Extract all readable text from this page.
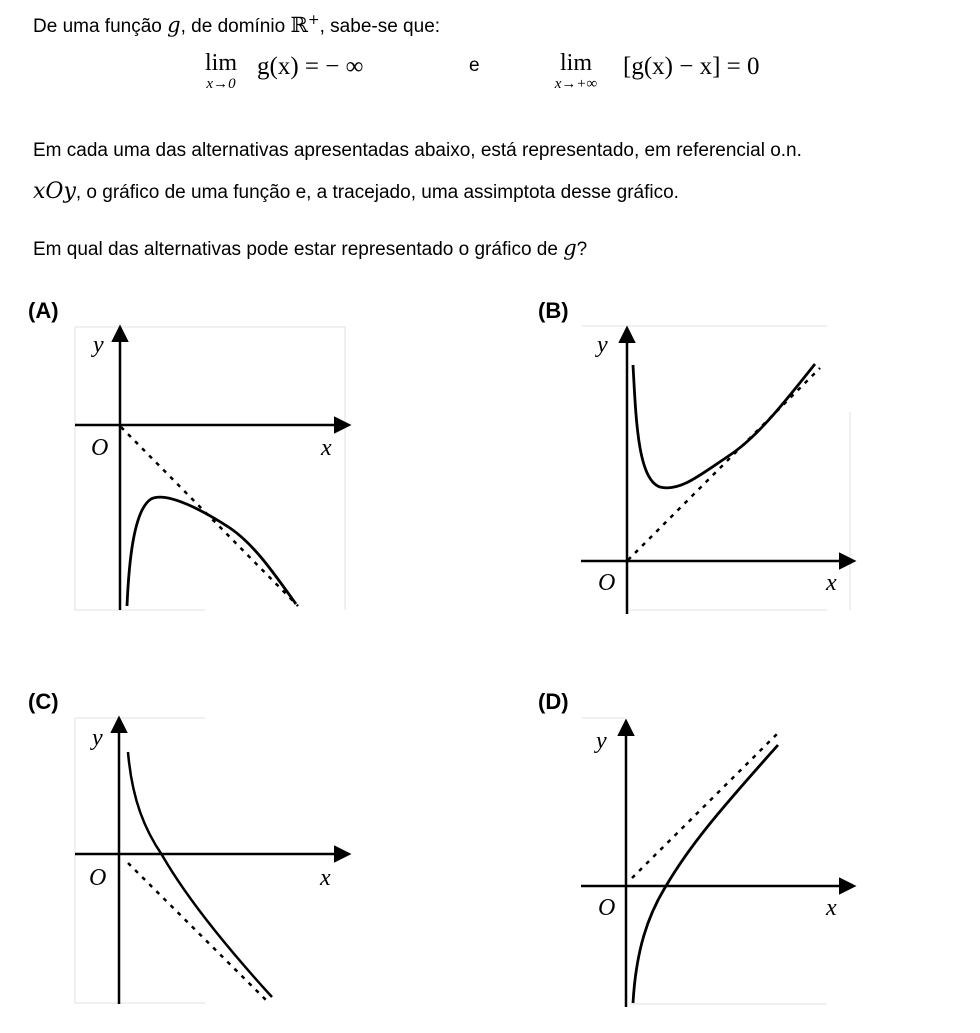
De uma função g, de domínio ℝ+, sabe-se que:
lim
x→0
g(x) = − ∞	e	lim
x→+∞
[g(x) − x] = 0
Em cada uma das alternativas apresentadas abaixo, está representado, em referencial o.n.
xOy, o gráfico de uma função e, a tracejado, uma assimptota desse gráfico.
Em qual das alternativas pode estar representado o gráfico de g?
(A)	(B)
(C)	(D)
y
O	x
y
O	x
y
O	x
y
O	x
